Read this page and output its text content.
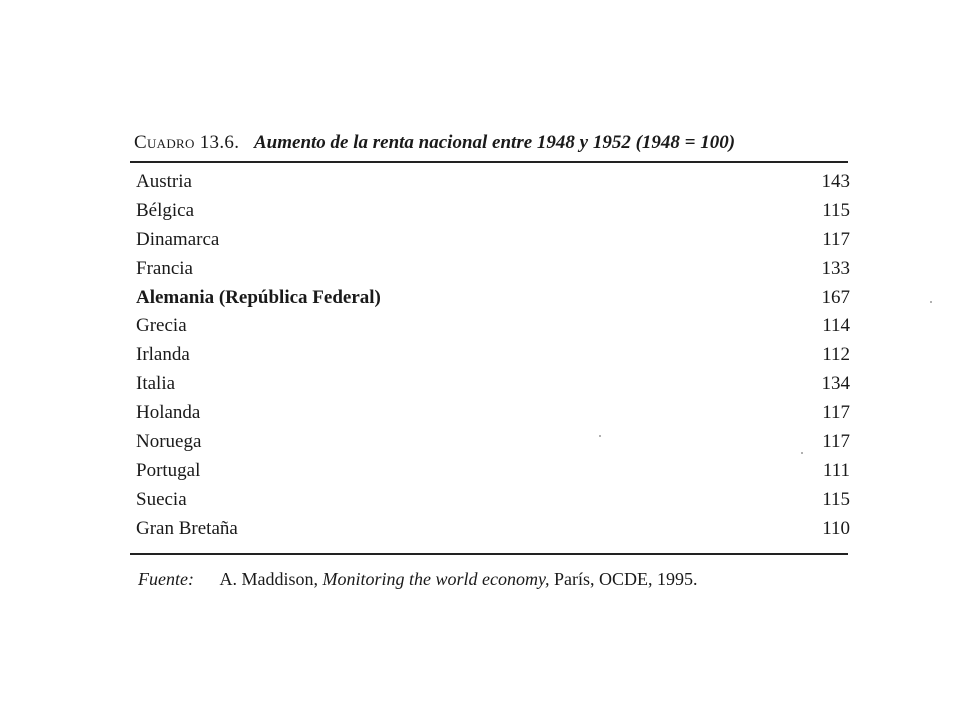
Cuadro 13.6. Aumento de la renta nacional entre 1948 y 1952 (1948 = 100)
Austria	143
Bélgica	115
Dinamarca	117
Francia	133
Alemania (República Federal)	167
Grecia	114
Irlanda	112
Italia	134
Holanda	117
Noruega	117
Portugal	111
Suecia	115
Gran Bretaña	110
Fuente: A. Maddison, Monitoring the world economy, París, OCDE, 1995.
